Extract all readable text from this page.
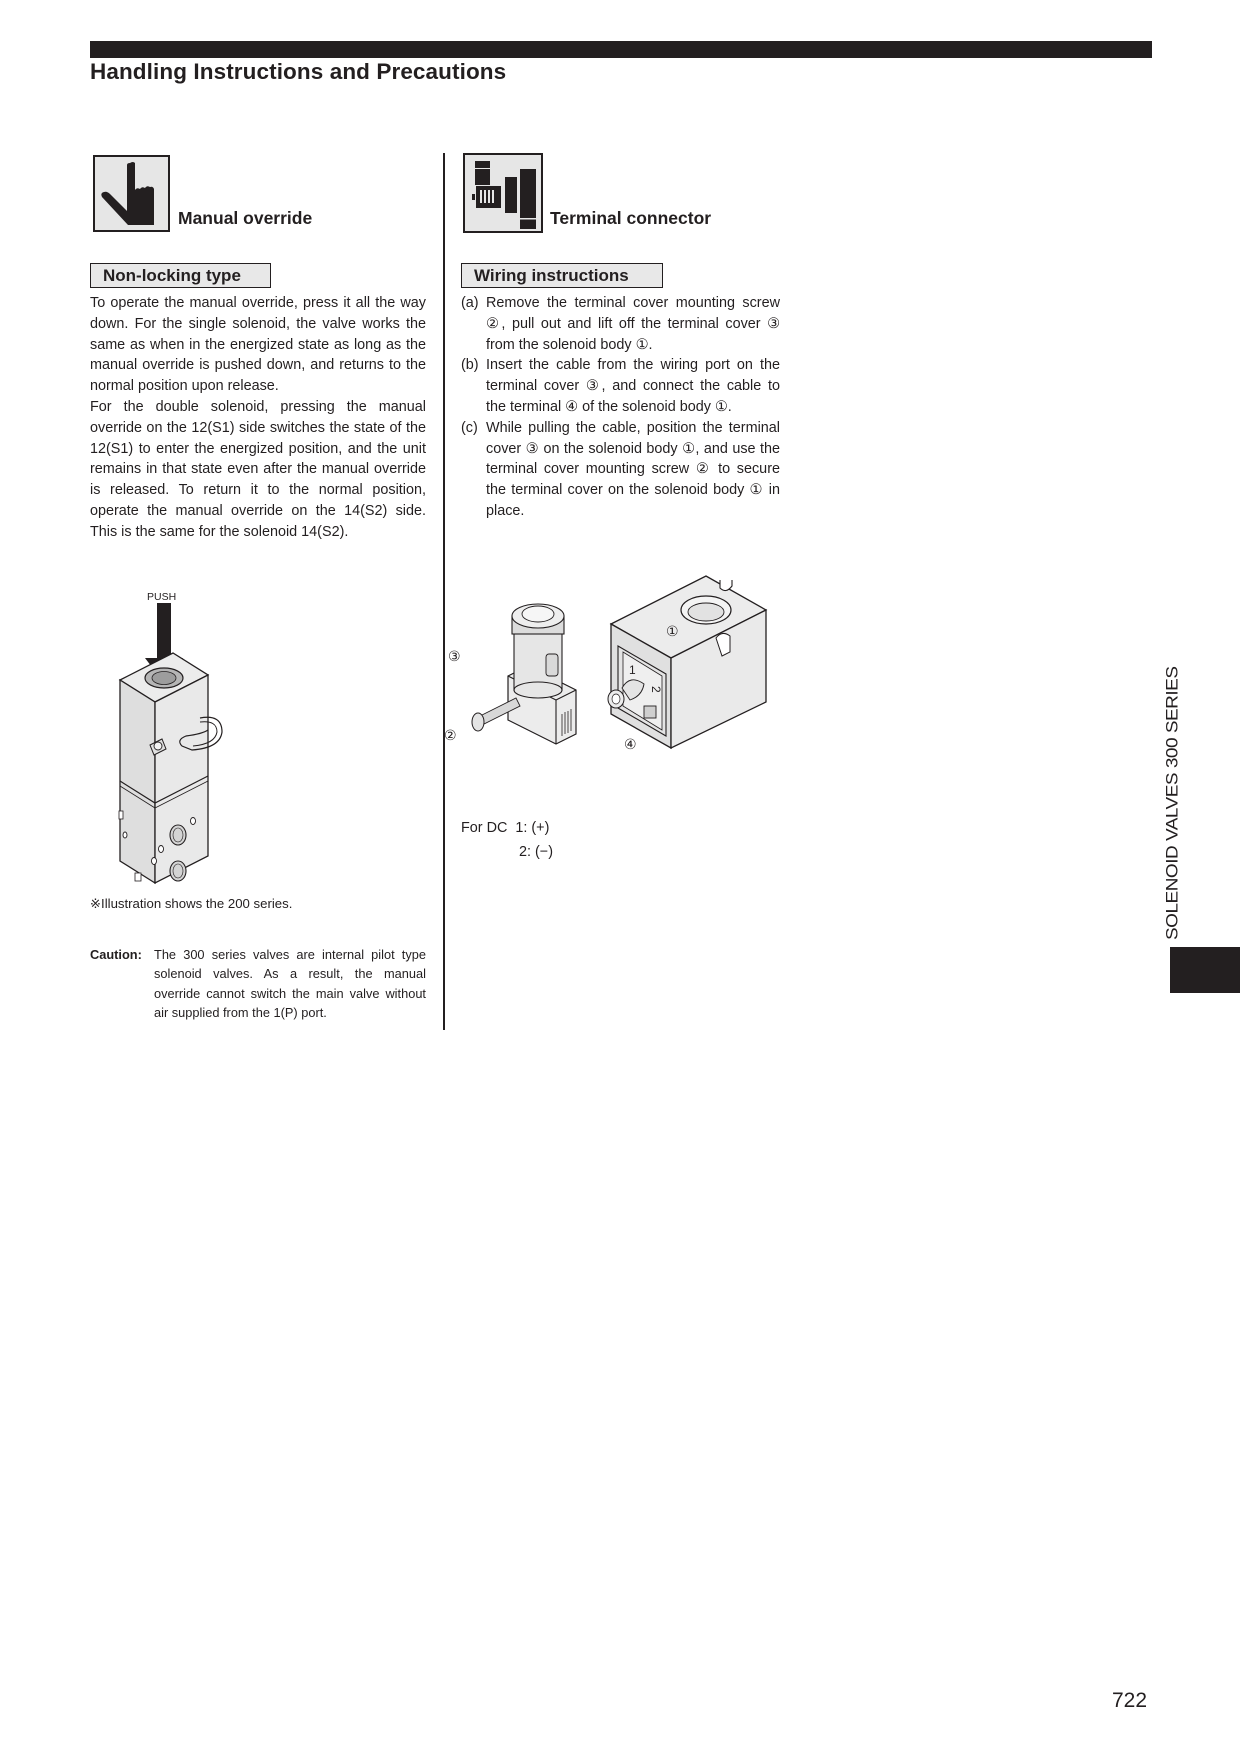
Handling Instructions and Precautions
Manual override
Non-locking type

To operate the manual override, press it all the way down. For the single solenoid, the valve works the same as when in the energized state as long as the manual override is pushed down, and returns to the normal position upon release.

For the double solenoid, pressing the manual override on the 12(S1) side switches the state of the 12(S1) to enter the energized position, and the unit remains in that state even after the manual override is released. To return it to the normal position, operate the manual override on the 14(S2) side. This is the same for the solenoid 14(S2).

PUSH
※Illustration shows the 200 series.
Caution: The 300 series valves are internal pilot type solenoid valves. As a result, the manual override cannot switch the main valve without air supplied from the 1(P) port.
Terminal connector
Wiring instructions
(a) Remove the terminal cover mounting screw ②, pull out and lift off the terminal cover ③ from the solenoid body ①.
(b) Insert the cable from the wiring port on the terminal cover ③, and connect the cable to the terminal ④ of the solenoid body ①.
(c) While pulling the cable, position the terminal cover ③ on the solenoid body ①, and use the terminal cover mounting screw ② to secure the terminal cover on the solenoid body ① in place.
1
2
①
③
②
④
For DC 1: (+)
2: (−)	SOLENOID VALVES 300 SERIES
722
